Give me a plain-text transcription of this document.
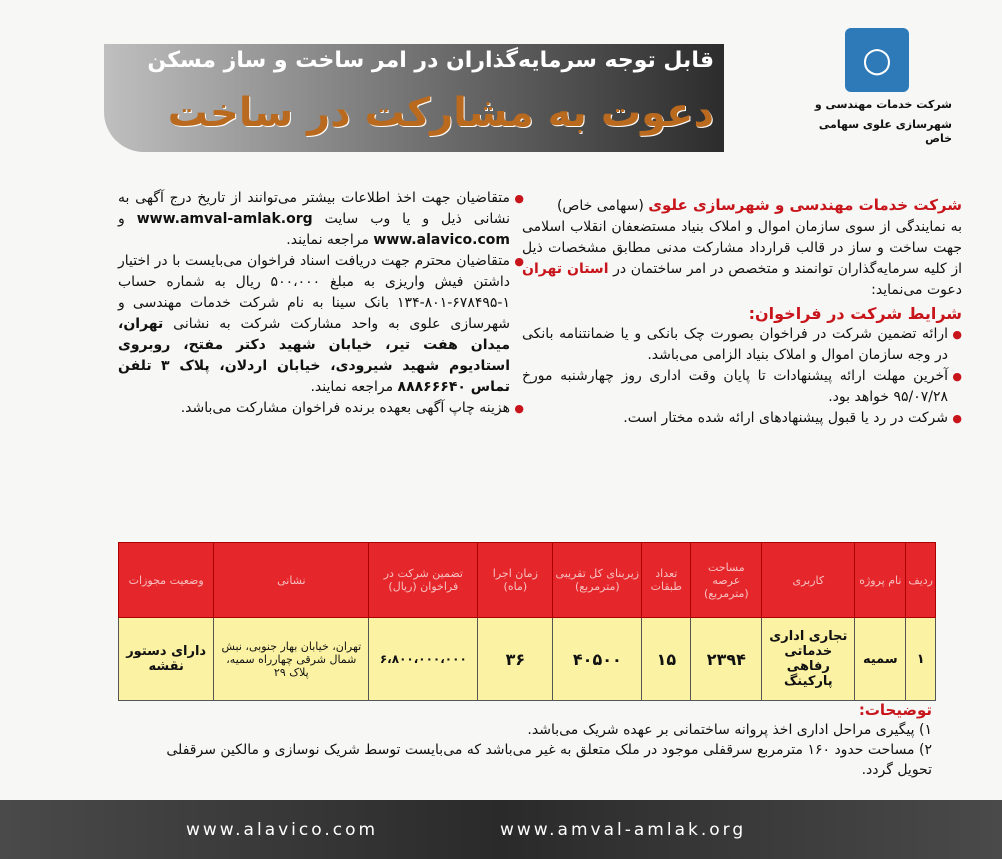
قابل توجه سرمایه‌گذاران در امر ساخت و ساز مسکن
دعوت به مشارکت در ساخت
○
شرکت خدمات مهندسی و
شهرسازی علوی سهامی خاص
شرکت خدمات مهندسی و شهرسازی علوی (سهامی خاص)
به نمایندگی از سوی سازمان اموال و املاک بنیاد مستضعفان انقلاب اسلامی جهت ساخت و ساز در قالب قرارداد مشارکت مدنی مطابق مشخصات ذیل از کلیه سرمایه‌گذاران توانمند و متخصص در امر ساختمان در استان تهران دعوت می‌نماید:
شرایط شرکت در فراخوان:
● ارائه تضمین شرکت در فراخوان بصورت چک بانکی و یا ضمانتنامه بانکی در وجه سازمان اموال و املاک بنیاد الزامی می‌باشد.
● آخرین مهلت ارائه پیشنهادات تا پایان وقت اداری روز چهارشنبه مورخ ۹۵/۰۷/۲۸ خواهد بود.
● شرکت در رد یا قبول پیشنهادهای ارائه شده مختار است.
● متقاضیان جهت اخذ اطلاعات بیشتر می‌توانند از تاریخ درج آگهی به نشانی ذیل و یا وب سایت www.amval-amlak.org و www.alavico.com مراجعه نمایند.
● متقاضیان محترم جهت دریافت اسناد فراخوان می‌بایست با در اختیار داشتن فیش واریزی به مبلغ ۵۰۰،۰۰۰ ریال به شماره حساب ۱-۶۷۸۴۹۵-۸۰۱-۱۳۴ بانک سینا به نام شرکت خدمات مهندسی و شهرسازی علوی به واحد مشارکت شرکت به نشانی تهران، میدان هفت تیر، خیابان شهید دکتر مفتح، روبروی استادیوم شهید شیرودی، خیابان اردلان، پلاک ۳ تلفن تماس ۸۸۸۶۶۶۴۰ مراجعه نمایند.
● هزینه چاپ آگهی بعهده برنده فراخوان مشارکت می‌باشد.
ردیف	نام پروژه	کاربری	مساحت عرصه (مترمربع)	تعداد طبقات	زیربنای کل تقریبی (مترمربع)	زمان اجرا (ماه)	تضمین شرکت در فراخوان (ریال)	نشانی	وضعیت مجوزات
۱	سمیه	تجاری اداری خدماتی رفاهی پارکینگ	۲۳۹۴	۱۵	۴۰۵۰۰	۳۶	۶،۸۰۰،۰۰۰،۰۰۰	تهران، خیابان بهار جنوبی، نبش شمال شرقی چهارراه سمیه، پلاک ۲۹	دارای دستور نقشه
توضیحات:
۱) پیگیری مراحل اداری اخذ پروانه ساختمانی بر عهده شریک می‌باشد.
۲) مساحت حدود ۱۶۰ مترمربع سرقفلی موجود در ملک متعلق به غیر می‌باشد که می‌بایست توسط شریک نوسازی و مالکین سرقفلی تحویل گردد.
www.alavico.com	www.amval-amlak.org
